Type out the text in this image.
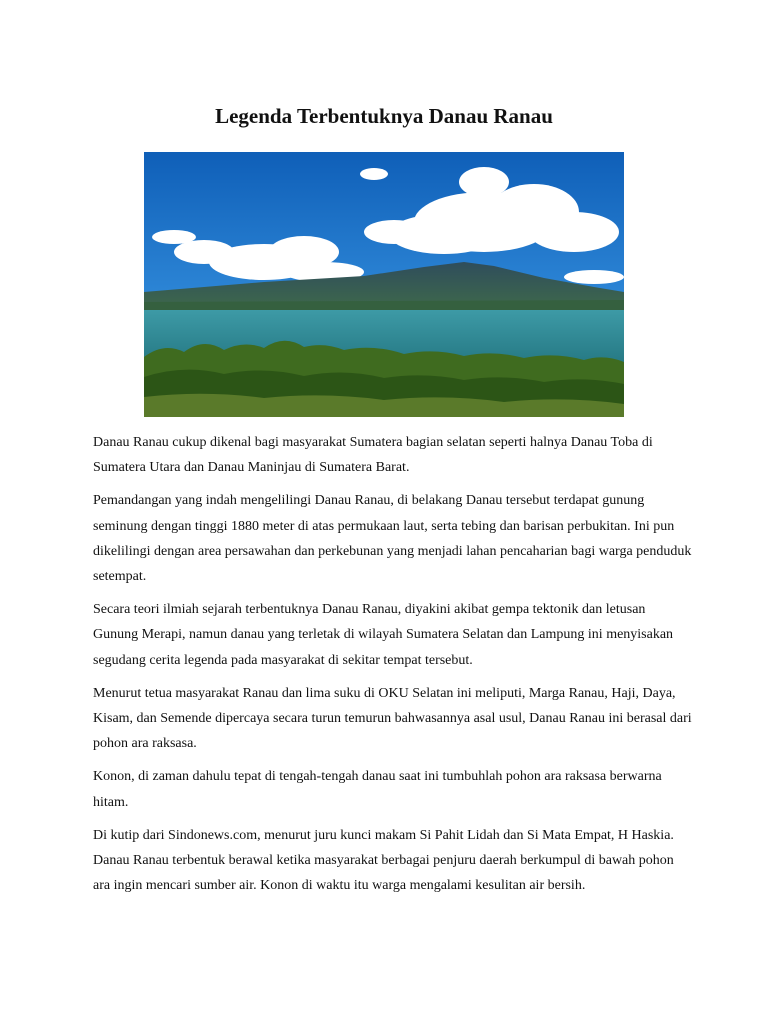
Legenda Terbentuknya Danau Ranau

Danau Ranau cukup dikenal bagi masyarakat Sumatera bagian selatan seperti halnya Danau Toba di Sumatera Utara dan Danau Maninjau di Sumatera Barat.

Pemandangan yang indah mengelilingi Danau Ranau, di belakang Danau tersebut terdapat gunung seminung dengan tinggi 1880 meter di atas permukaan laut, serta tebing dan barisan perbukitan. Ini pun dikelilingi dengan area persawahan dan perkebunan yang menjadi lahan pencaharian bagi warga penduduk setempat.

Secara teori ilmiah sejarah terbentuknya Danau Ranau, diyakini akibat gempa tektonik dan letusan Gunung Merapi, namun danau yang terletak di wilayah Sumatera Selatan dan Lampung ini menyisakan segudang cerita legenda pada masyarakat di sekitar tempat tersebut.

Menurut tetua masyarakat Ranau dan lima suku di OKU Selatan ini meliputi, Marga Ranau, Haji, Daya, Kisam, dan Semende dipercaya secara turun temurun bahwasannya asal usul, Danau Ranau ini berasal dari pohon ara raksasa.

Konon, di zaman dahulu tepat di tengah-tengah danau saat ini tumbuhlah pohon ara raksasa berwarna hitam.

Di kutip dari Sindonews.com, menurut juru kunci makam Si Pahit Lidah dan Si Mata Empat, H Haskia. Danau Ranau terbentuk berawal ketika masyarakat berbagai penjuru daerah berkumpul di bawah pohon ara ingin mencari sumber air. Konon di waktu itu warga mengalami kesulitan air bersih.
